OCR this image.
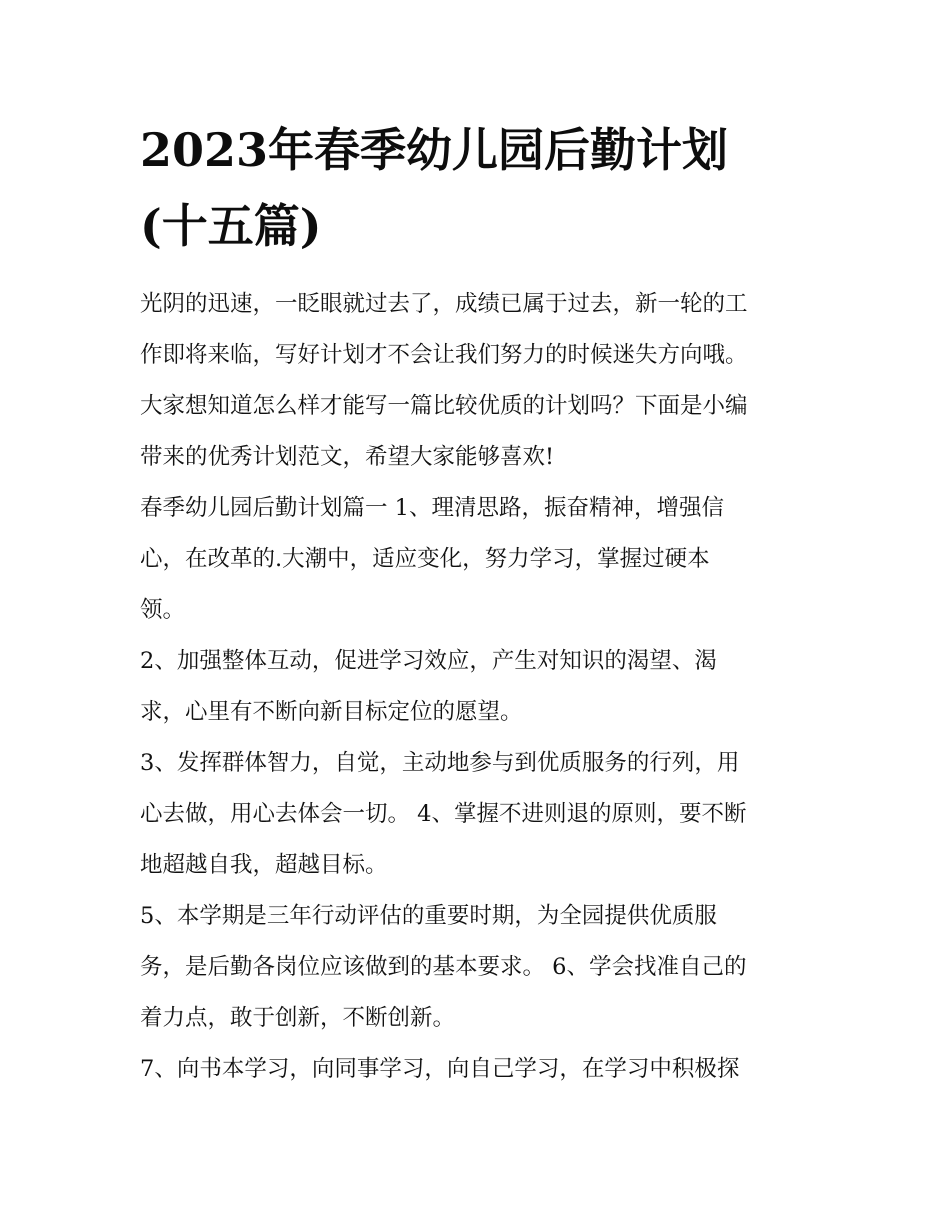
2023年春季幼儿园后勤计划
(十五篇)
光阴的迅速，一眨眼就过去了，成绩已属于过去，新一轮的工
作即将来临，写好计划才不会让我们努力的时候迷失方向哦。
大家想知道怎么样才能写一篇比较优质的计划吗？下面是小编
带来的优秀计划范文，希望大家能够喜欢!
春季幼儿园后勤计划篇一 1、理清思路，振奋精神，增强信
心，在改革的.大潮中，适应变化，努力学习，掌握过硬本
领。
2、加强整体互动，促进学习效应，产生对知识的渴望、渴
求，心里有不断向新目标定位的愿望。
3、发挥群体智力，自觉，主动地参与到优质服务的行列，用
心去做，用心去体会一切。 4、掌握不进则退的原则，要不断
地超越自我，超越目标。
5、本学期是三年行动评估的重要时期，为全园提供优质服
务，是后勤各岗位应该做到的基本要求。 6、学会找准自己的
着力点，敢于创新，不断创新。
7、向书本学习，向同事学习，向自己学习，在学习中积极探
